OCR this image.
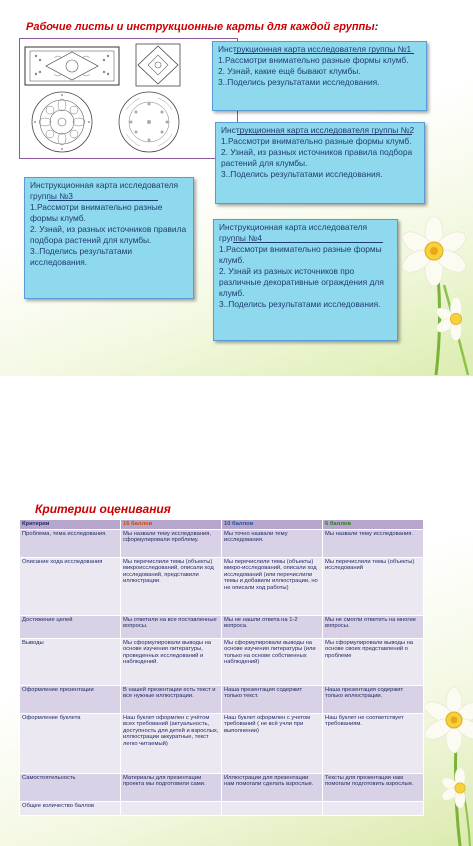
Рабочие листы и инструкционные карты для каждой группы:
Инструкционная карта исследователя группы №1
1.Рассмотри внимательно разные формы клумб.
2. Узнай, какие ещё бывают клумбы.
3..Поделись результатами исследования.
Инструкционная карта исследователя группы №2
1.Рассмотри внимательно разные формы клумб.
2. Узнай, из разных источников правила подбора растений для клумбы.
3..Поделись результатами исследования.
Инструкционная карта исследователя группы №3
1.Рассмотри внимательно разные формы клумб.
2. Узнай, из разных источников правила подбора растений для клумбы.
3..Поделись результатами исследования.
Инструкционная карта исследователя группы №4
1.Рассмотри внимательно разные формы клумб.
2. Узнай из разных источников про различные декоративные ограждения для клумб.
3..Поделись результатами исследования.
Критерии оценивания
Критерии	16 баллов	10 баллов	6 баллов
Проблема, тема исследования.	Мы назвали тему исследования, сформулировали проблему.	Мы точно назвали тему исследования.	Мы назвали тему исследования.
Описание хода исследования	Мы перечислили темы (объекты) микроисследований, описали ход исследований, представили иллюстрации.	Мы перечислили темы (объекты) микро-исследований, описали ход исследований (или перечислили темы и добавили иллюстрации, но не описали ход работы)	Мы перечислили темы (объекты) исследований
Достижение целей	Мы ответили на все поставленные вопросы.	Мы не нашли ответа на 1-2 вопроса.	Мы не смогли ответить на многие вопросы.
Выводы	Мы сформулировали выводы на основе изучения литературы, проведенных исследований и наблюдений.	Мы сформулировали выводы на основе изучения литературы (или только на основе собственных наблюдений)	Мы сформулировали выводы на основе своих представлений о проблеме
Оформление презентации	В нашей презентации есть текст и все нужные иллюстрации.	Наша презентация содержит только текст.	Наша презентация содержит только иллюстрации.
Оформление буклета	Наш буклет оформлен с учётом всех требований (актуальность, доступность для детей и взрослых, иллюстрации аккуратные, текст легко читаемый)	Наш буклет оформлен с учетом требований ( не всё учли при выполнении)	Наш буклет не соответствует требованиям.
Самостоятельность	Материалы для презентации проекта мы подготовили сами.	Иллюстрации для презентации нам помогали сделать взрослые.	Тексты для презентации нам помогали подготовить взрослые.
Общее количество баллов			
